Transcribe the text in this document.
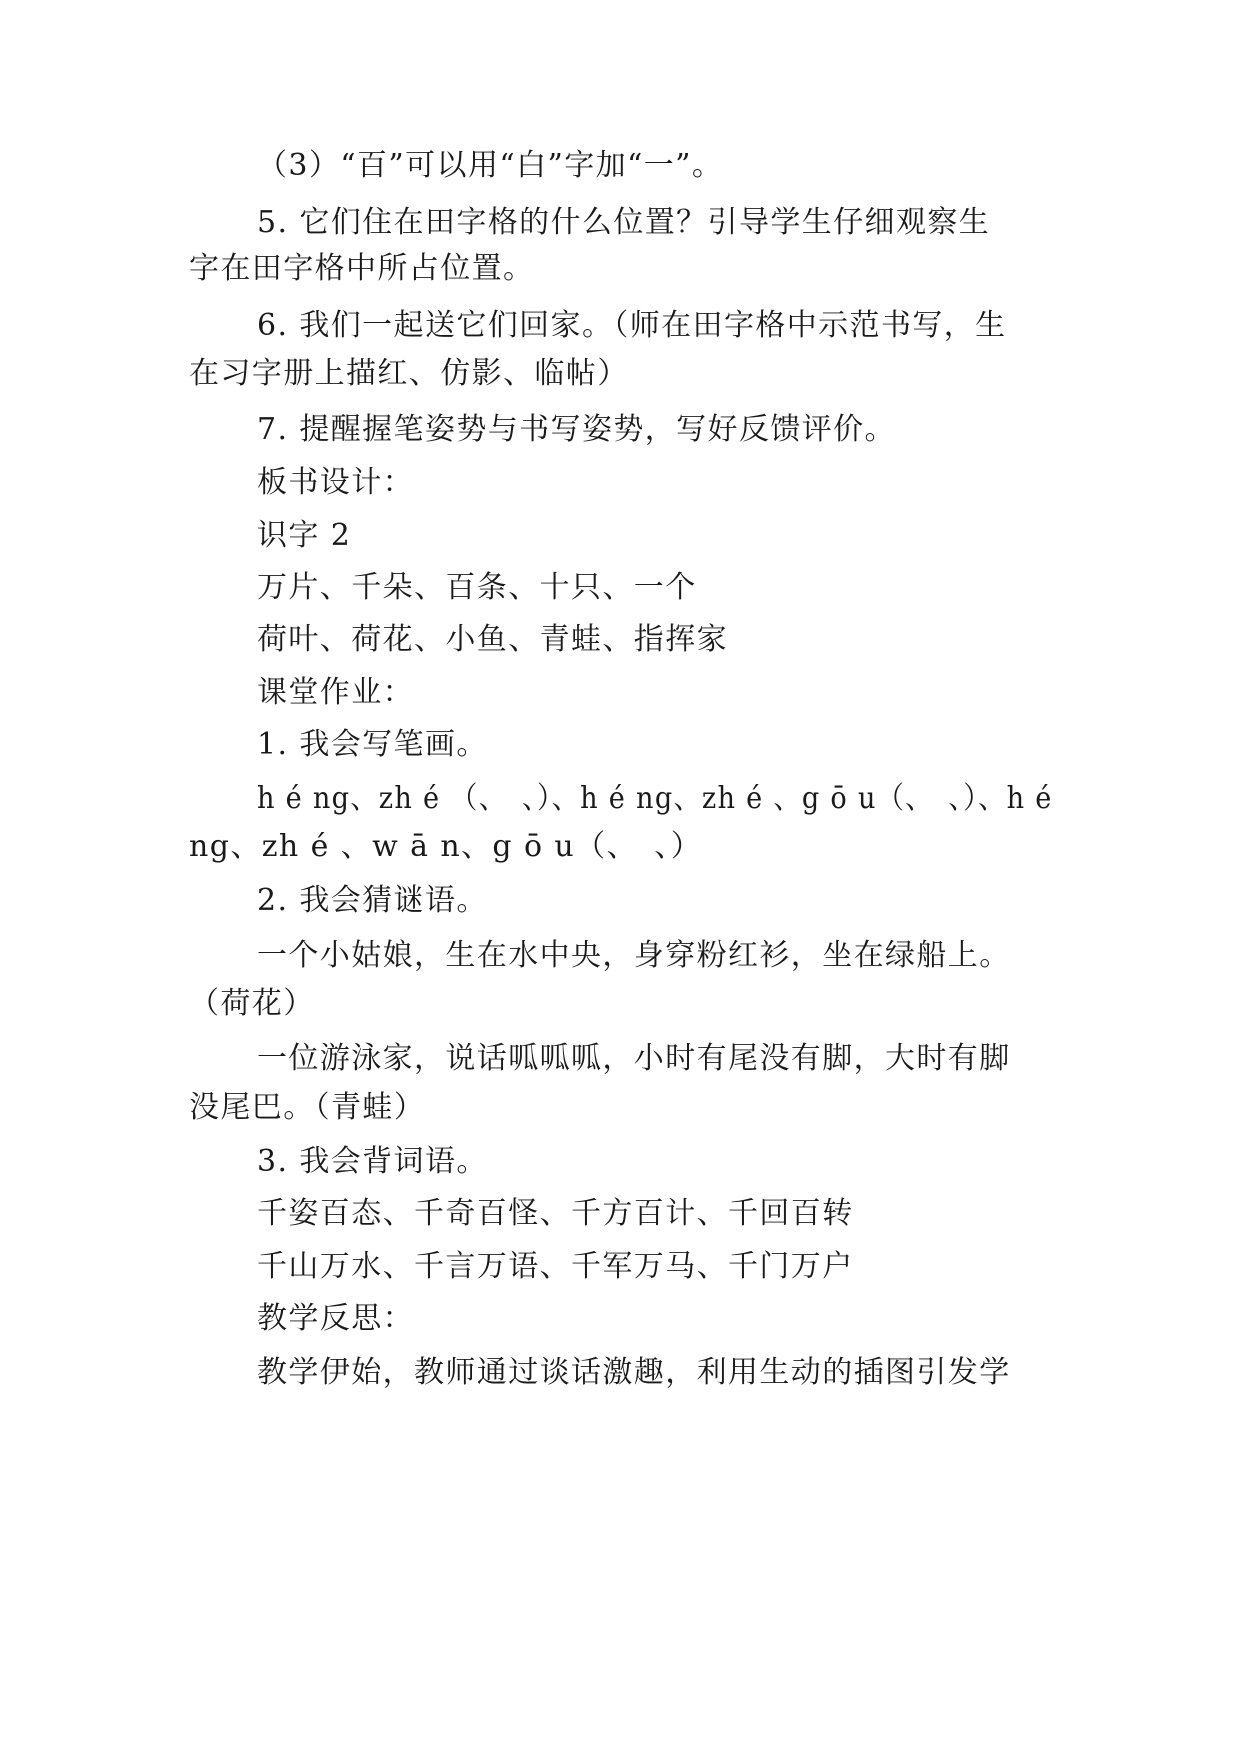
（3）“百”可以用“白”字加“一”。
5. 它们住在田字格的什么位置？引导学生仔细观察生
字在田字格中所占位置。
6. 我们一起送它们回家。（师在田字格中示范书写，生
在习字册上描红、仿影、临帖）
7. 提醒握笔姿势与书写姿势，写好反馈评价。
板书设计：
识字 2
万片、千朵、百条、十只、一个
荷叶、荷花、小鱼、青蛙、指挥家
课堂作业：
1. 我会写笔画。
h é ng、zh é （、　、）、h é ng、zh é 、g ō u（、　、）、h é
ng、zh é 、w ā n、g ō u（、　、）
2. 我会猜谜语。
一个小姑娘，生在水中央，身穿粉红衫，坐在绿船上。
（荷花）
一位游泳家，说话呱呱呱，小时有尾没有脚，大时有脚
没尾巴。（青蛙）
3. 我会背词语。
千姿百态、千奇百怪、千方百计、千回百转
千山万水、千言万语、千军万马、千门万户
教学反思：
教学伊始，教师通过谈话激趣，利用生动的插图引发学
